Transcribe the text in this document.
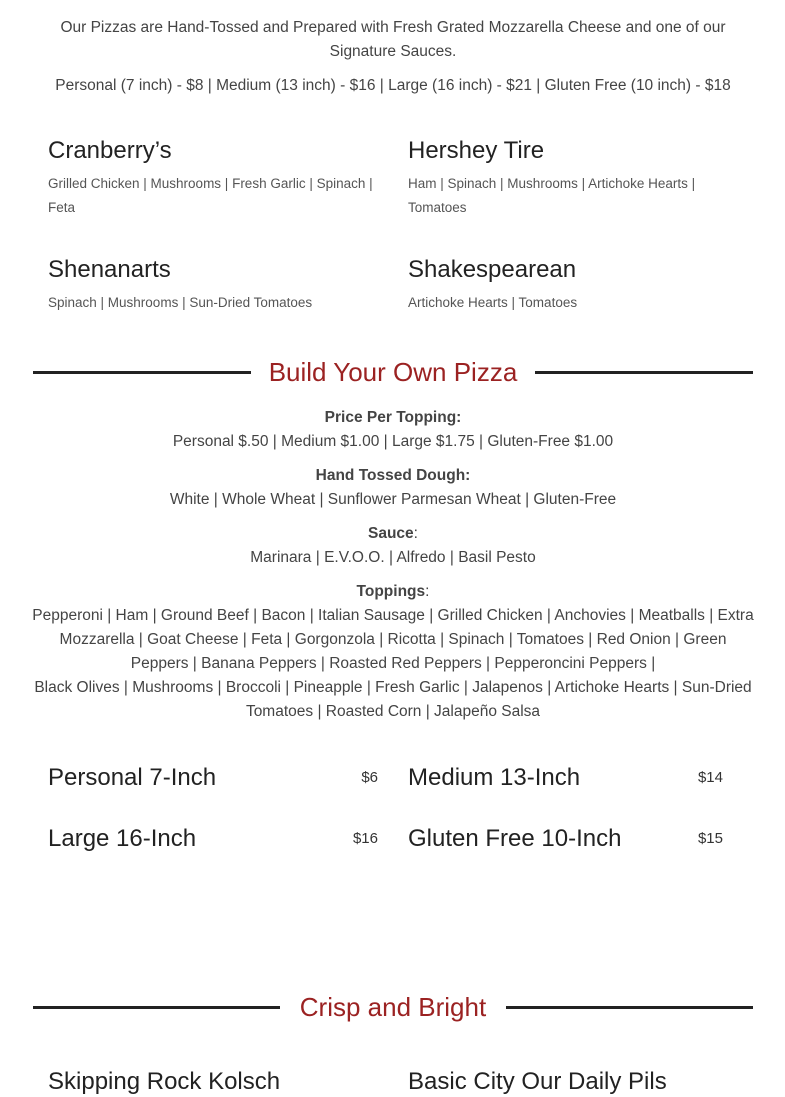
Our Pizzas are Hand-Tossed and Prepared with Fresh Grated Mozzarella Cheese and one of our Signature Sauces.
Personal (7 inch) - $8 | Medium (13 inch) - $16 | Large (16 inch) - $21 | Gluten Free (10 inch) - $18
Cranberry’s

Grilled Chicken | Mushrooms | Fresh Garlic | Spinach | Feta

Hershey Tire

Ham | Spinach | Mushrooms | Artichoke Hearts | Tomatoes

Shenanarts

Spinach | Mushrooms | Sun-Dried Tomatoes

Shakespearean

Artichoke Hearts | Tomatoes

Build Your Own Pizza
Price Per Topping:
Personal $.50 | Medium $1.00 | Large $1.75 | Gluten-Free $1.00
Hand Tossed Dough:
White | Whole Wheat | Sunflower Parmesan Wheat | Gluten-Free
Sauce:
Marinara | E.V.O.O. | Alfredo | Basil Pesto
Toppings:
Pepperoni | Ham | Ground Beef | Bacon | Italian Sausage | Grilled Chicken | Anchovies | Meatballs | Extra Mozzarella | Goat Cheese | Feta | Gorgonzola | Ricotta | Spinach | Tomatoes | Red Onion | Green Peppers | Banana Peppers | Roasted Red Peppers | Pepperoncini Peppers |
Black Olives | Mushrooms | Broccoli | Pineapple | Fresh Garlic | Jalapenos | Artichoke Hearts | Sun-Dried Tomatoes | Roasted Corn | Jalapeño Salsa
Personal 7-Inch	$6 Medium 13-Inch	$14
Large 16-Inch	$16 Gluten Free 10-Inch	$15
Crisp and Bright
Skipping Rock Kolsch	Basic City Our Daily Pils
